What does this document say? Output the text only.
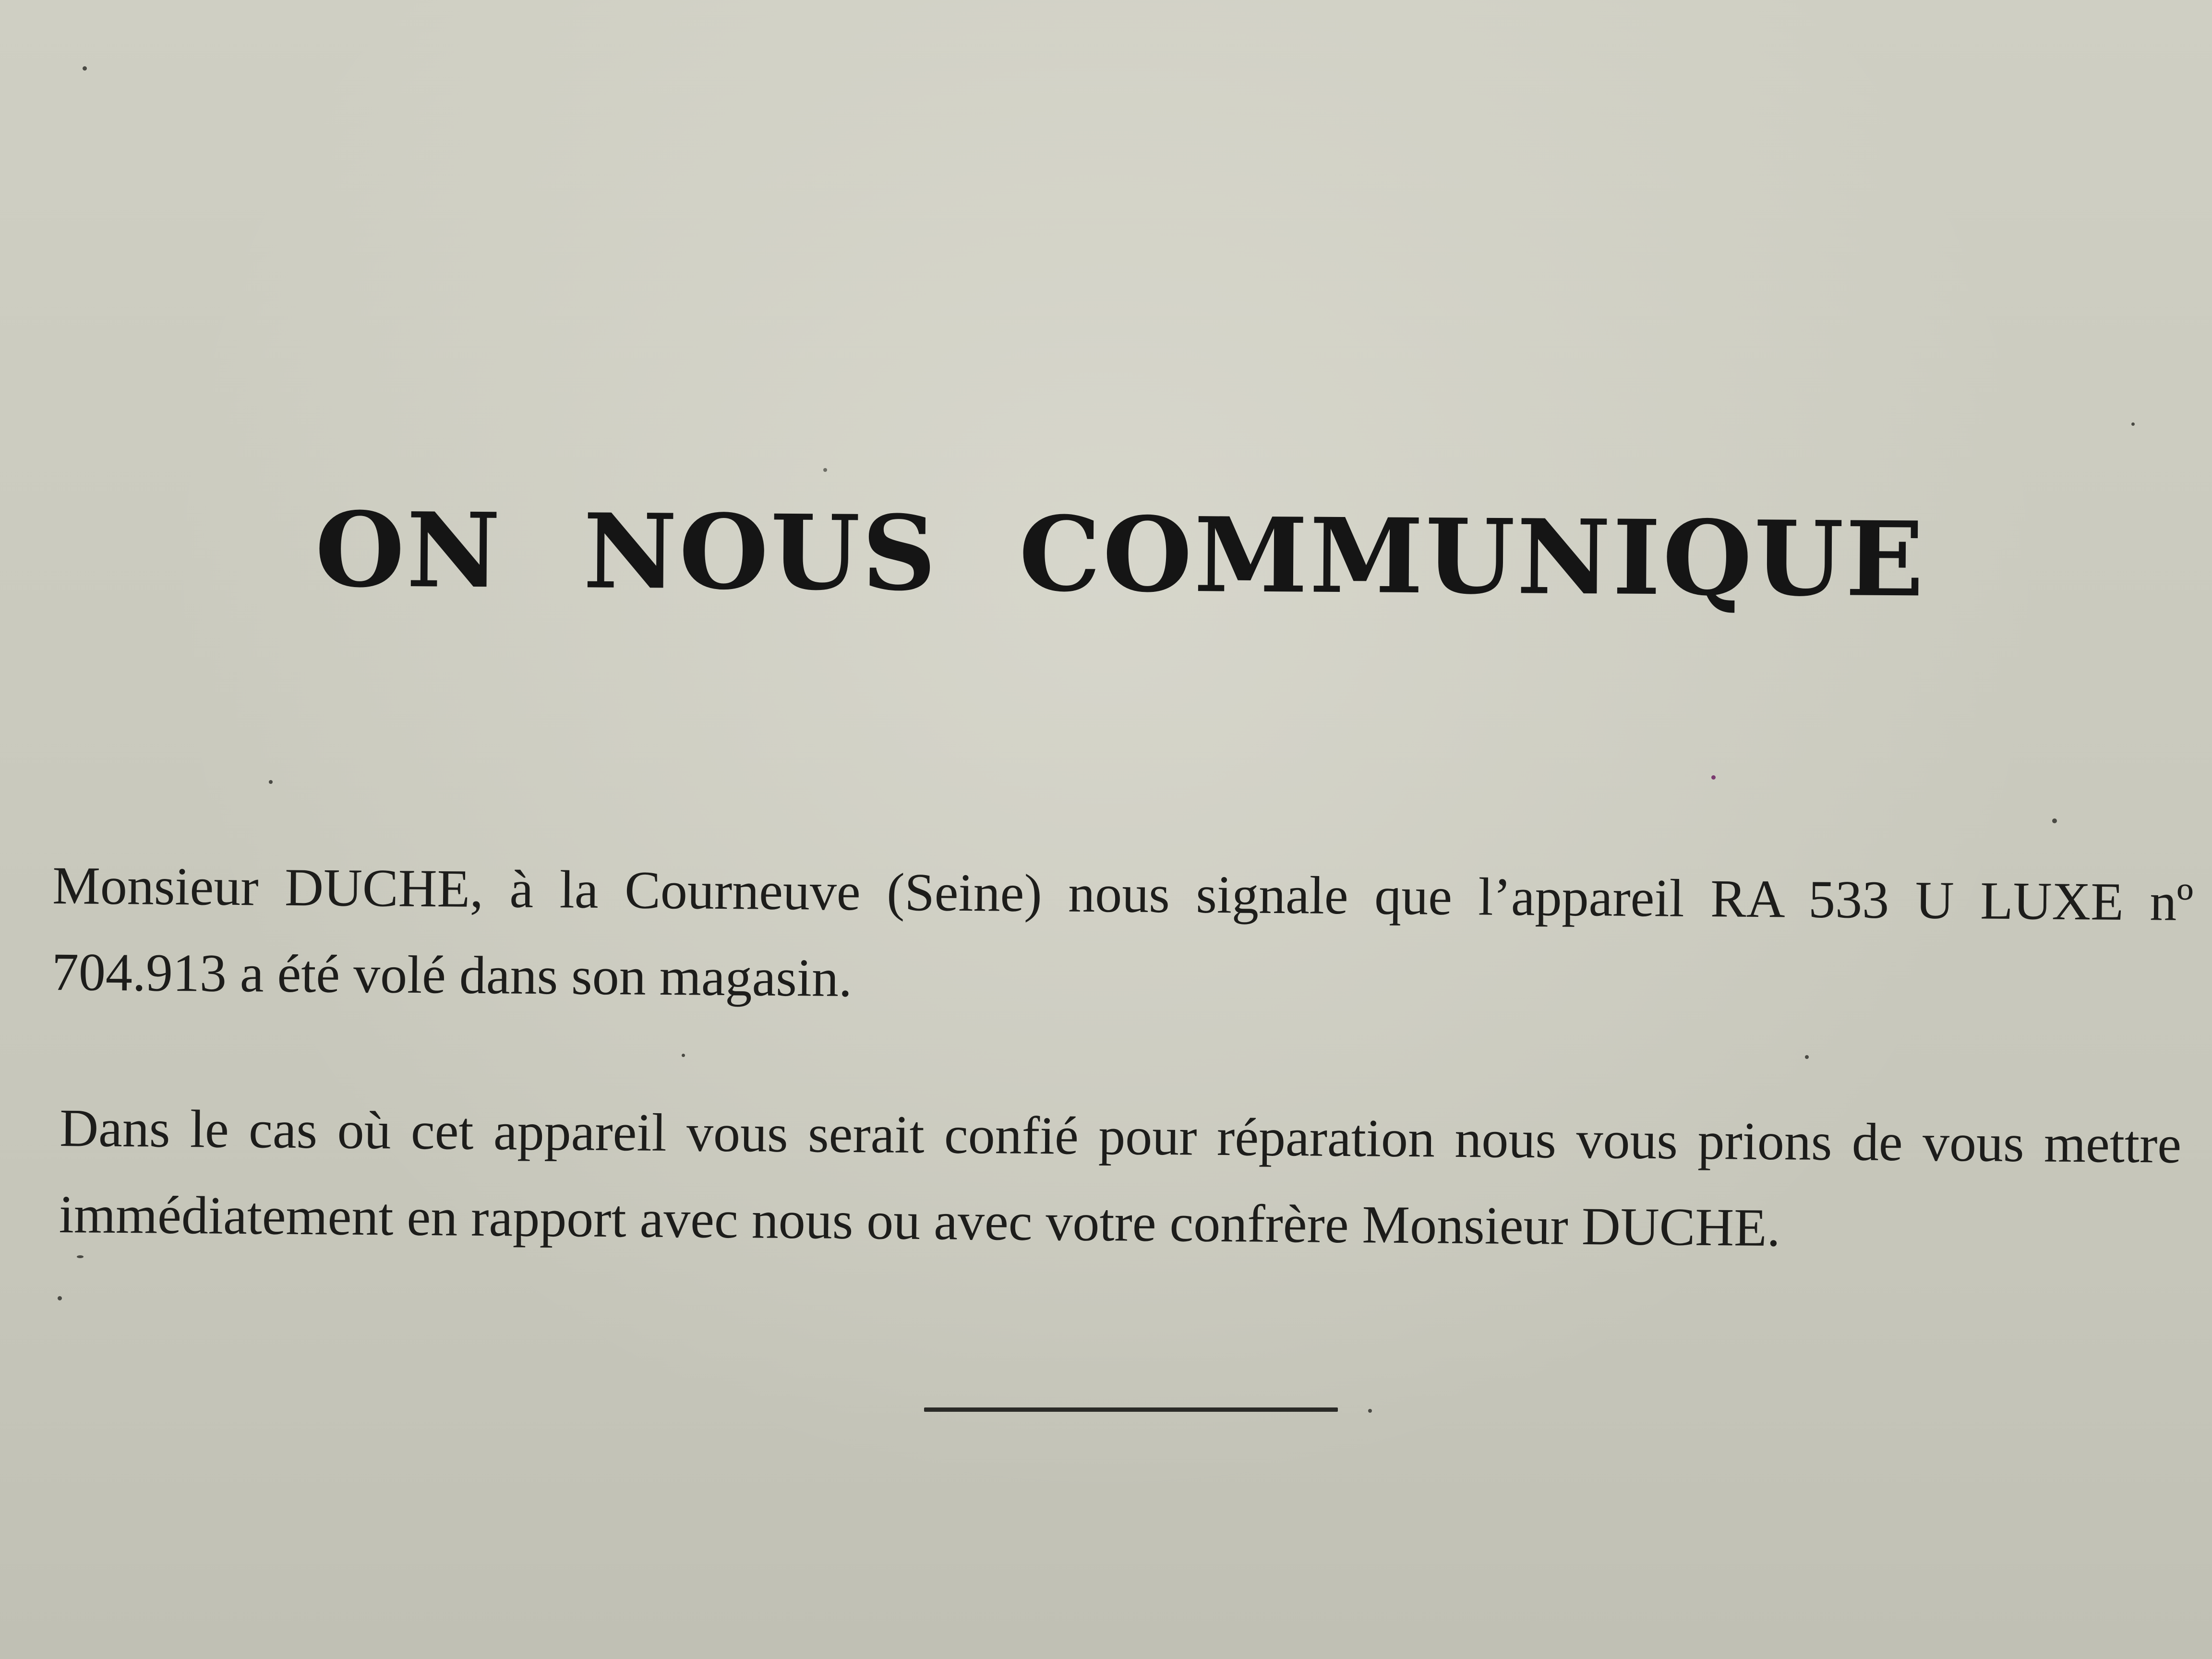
ON NOUS COMMUNIQUE

Monsieur DUCHE, à la Courneuve (Seine) nous signale que l’appareil RA 533 U LUXE nº 704.913 a été volé dans son magasin.

Dans le cas où cet appareil vous serait confié pour réparation nous vous prions de vous mettre immédiatement en rapport avec nous ou avec votre confrère Monsieur DUCHE.
